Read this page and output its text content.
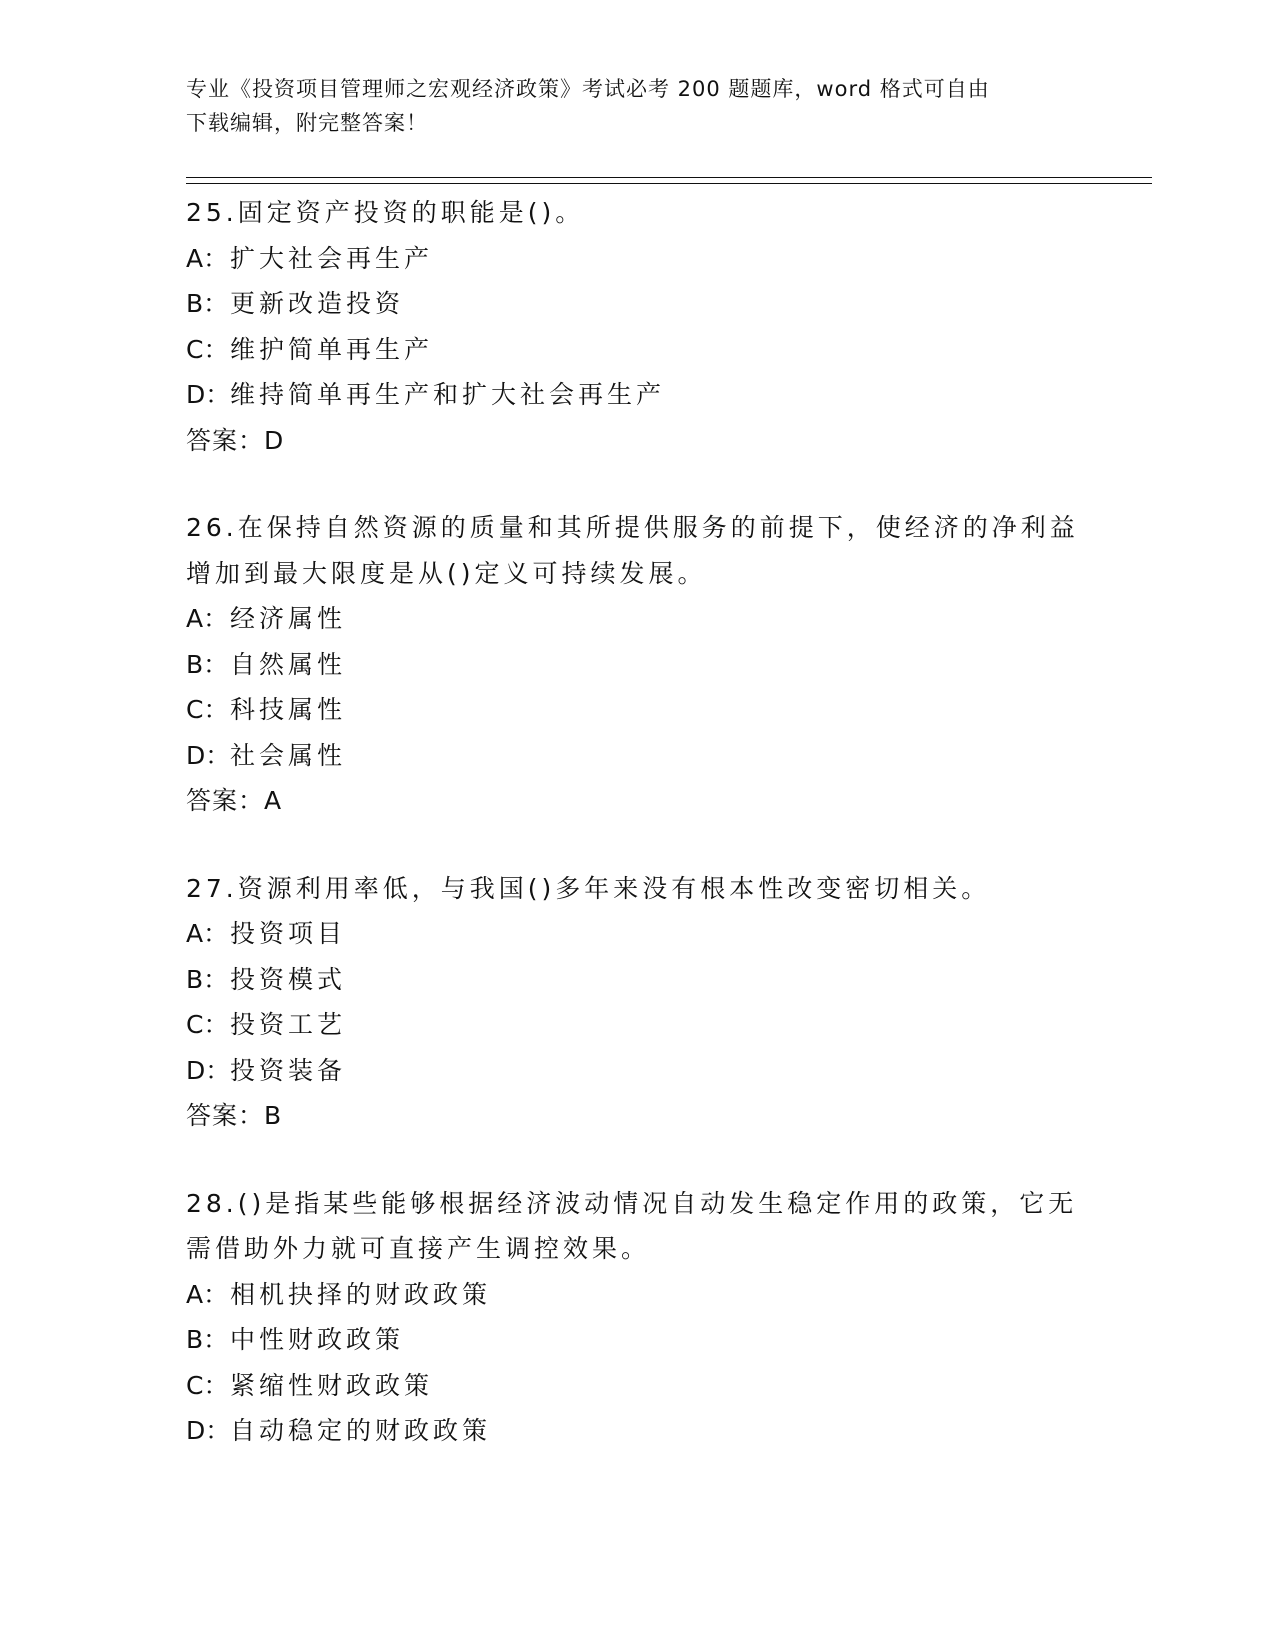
专业《投资项目管理师之宏观经济政策》考试必考 200 题题库，word 格式可自由
下载编辑，附完整答案！
25.固定资产投资的职能是()。
A：扩大社会再生产
B：更新改造投资
C：维护简单再生产
D：维持简单再生产和扩大社会再生产
答案：D
26.在保持自然资源的质量和其所提供服务的前提下，使经济的净利益
增加到最大限度是从()定义可持续发展。
A：经济属性
B：自然属性
C：科技属性
D：社会属性
答案：A
27.资源利用率低，与我国()多年来没有根本性改变密切相关。
A：投资项目
B：投资模式
C：投资工艺
D：投资装备
答案：B
28.()是指某些能够根据经济波动情况自动发生稳定作用的政策，它无
需借助外力就可直接产生调控效果。
A：相机抉择的财政政策
B：中性财政政策
C：紧缩性财政政策
D：自动稳定的财政政策
